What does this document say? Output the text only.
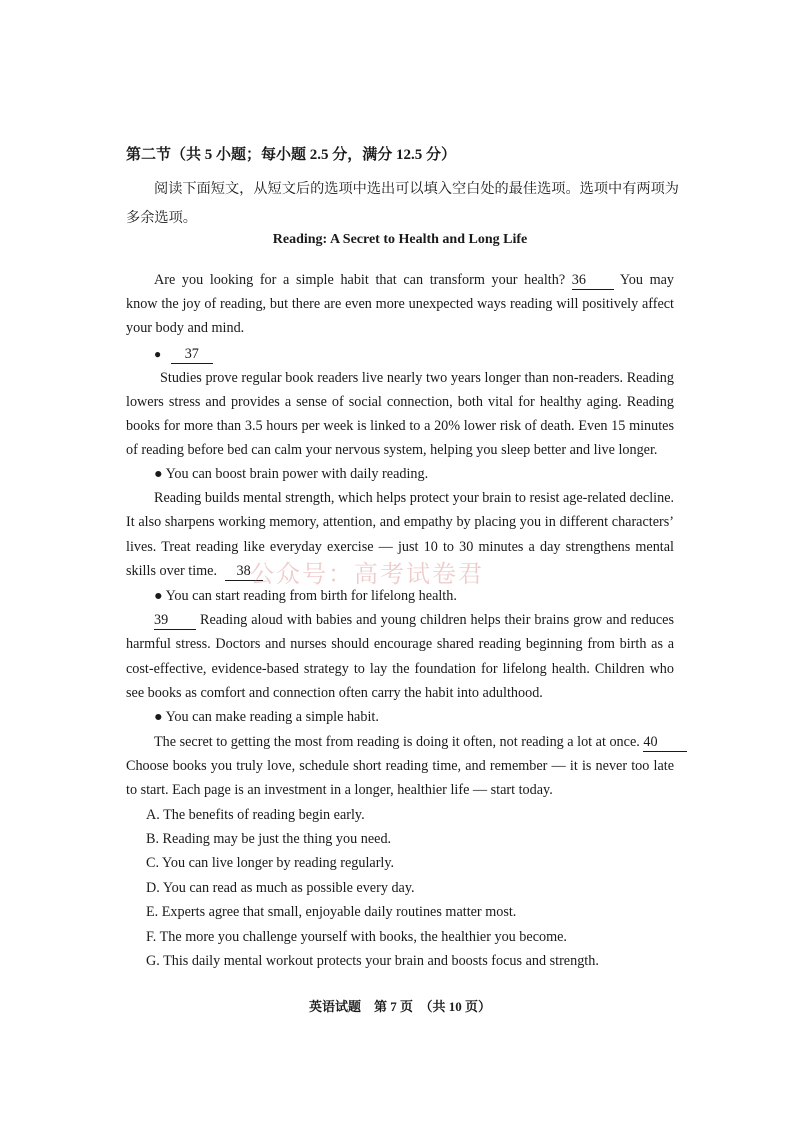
第二节（共 5 小题；每小题 2.5 分，满分 12.5 分）
阅读下面短文，从短文后的选项中选出可以填入空白处的最佳选项。选项中有两项为
多余选项。
Reading: A Secret to Health and Long Life
Are you looking for a simple habit that can transform your health? 36 You may
know the joy of reading, but there are even more unexpected ways reading will positively affect
your body and mind.
● 37
Studies prove regular book readers live nearly two years longer than non-readers. Reading
lowers stress and provides a sense of social connection, both vital for healthy aging. Reading
books for more than 3.5 hours per week is linked to a 20% lower risk of death. Even 15 minutes
of reading before bed can calm your nervous system, helping you sleep better and live longer.
● You can boost brain power with daily reading.
Reading builds mental strength, which helps protect your brain to resist age-related decline.
It also sharpens working memory, attention, and empathy by placing you in different characters’
lives. Treat reading like everyday exercise — just 10 to 30 minutes a day strengthens mental
skills over time. 38 公众号：高考试卷君
● You can start reading from birth for lifelong health.
39 Reading aloud with babies and young children helps their brains grow and reduces
harmful stress. Doctors and nurses should encourage shared reading beginning from birth as a
cost-effective, evidence-based strategy to lay the foundation for lifelong health. Children who
see books as comfort and connection often carry the habit into adulthood.
● You can make reading a simple habit.
The secret to getting the most from reading is doing it often, not reading a lot at once. 40
Choose books you truly love, schedule short reading time, and remember — it is never too late
to start. Each page is an investment in a longer, healthier life — start today.
A. The benefits of reading begin early.
B. Reading may be just the thing you need.
C. You can live longer by reading regularly.
D. You can read as much as possible every day.
E. Experts agree that small, enjoyable daily routines matter most.
F. The more you challenge yourself with books, the healthier you become.
G. This daily mental workout protects your brain and boosts focus and strength.
英语试题　第 7 页　（共 10 页）
